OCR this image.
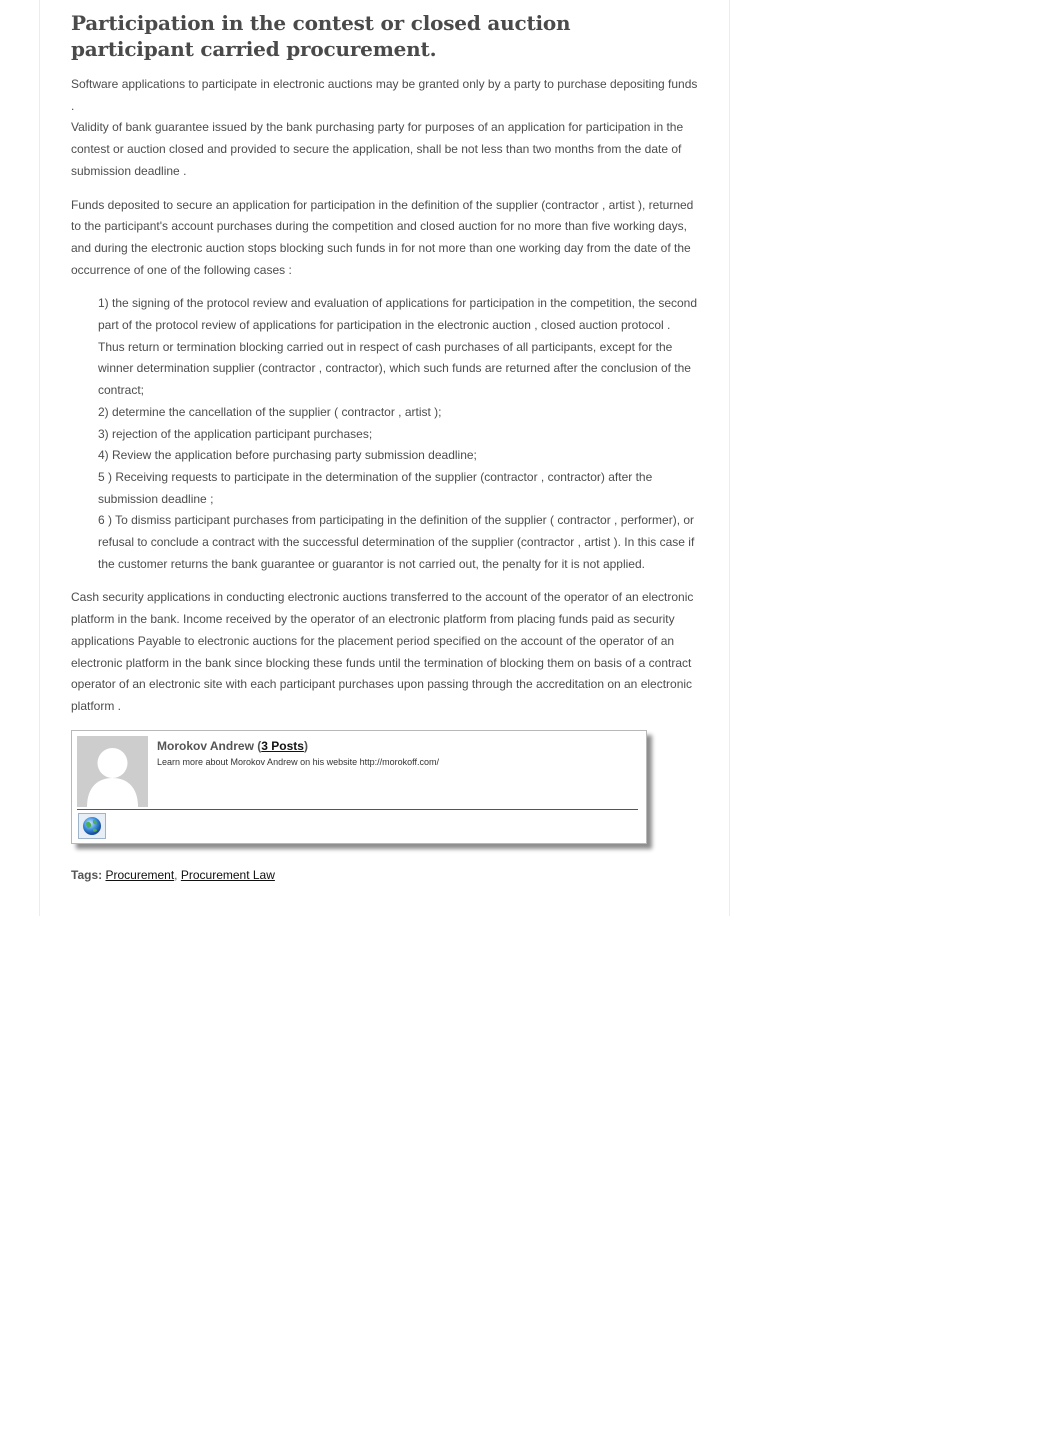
Participation in the contest or closed auction participant carried procurement.

Software applications to participate in electronic auctions may be granted only by a party to purchase depositing funds .
Validity of bank guarantee issued by the bank purchasing party for purposes of an application for participation in the contest or auction closed and provided to secure the application, shall be not less than two months from the date of submission deadline .

Funds deposited to secure an application for participation in the definition of the supplier (contractor , artist ), returned to the participant's account purchases during the competition and closed auction for no more than five working days, and during the electronic auction stops blocking such funds in for not more than one working day from the date of the occurrence of one of the following cases :

1) the signing of the protocol review and evaluation of applications for participation in the competition, the second part of the protocol review of applications for participation in the electronic auction , closed auction protocol . Thus return or termination blocking carried out in respect of cash purchases of all participants, except for the winner determination supplier (contractor , contractor), which such funds are returned after the conclusion of the contract;
2) determine the cancellation of the supplier ( contractor , artist );
3) rejection of the application participant purchases;
4) Review the application before purchasing party submission deadline;
5 ) Receiving requests to participate in the determination of the supplier (contractor , contractor) after the submission deadline ;
6 ) To dismiss participant purchases from participating in the definition of the supplier ( contractor , performer), or refusal to conclude a contract with the successful determination of the supplier (contractor , artist ). In this case if the customer returns the bank guarantee or guarantor is not carried out, the penalty for it is not applied.

Cash security applications in conducting electronic auctions transferred to the account of the operator of an electronic platform in the bank. Income received by the operator of an electronic platform from placing funds paid as security applications Payable to electronic auctions for the placement period specified on the account of the operator of an electronic platform in the bank since blocking these funds until the termination of blocking them on basis of a contract operator of an electronic site with each participant purchases upon passing through the accreditation on an electronic platform .

Morokov Andrew (3 Posts)
Learn more about Morokov Andrew on his website http://morokoff.com/
Tags: Procurement, Procurement Law
